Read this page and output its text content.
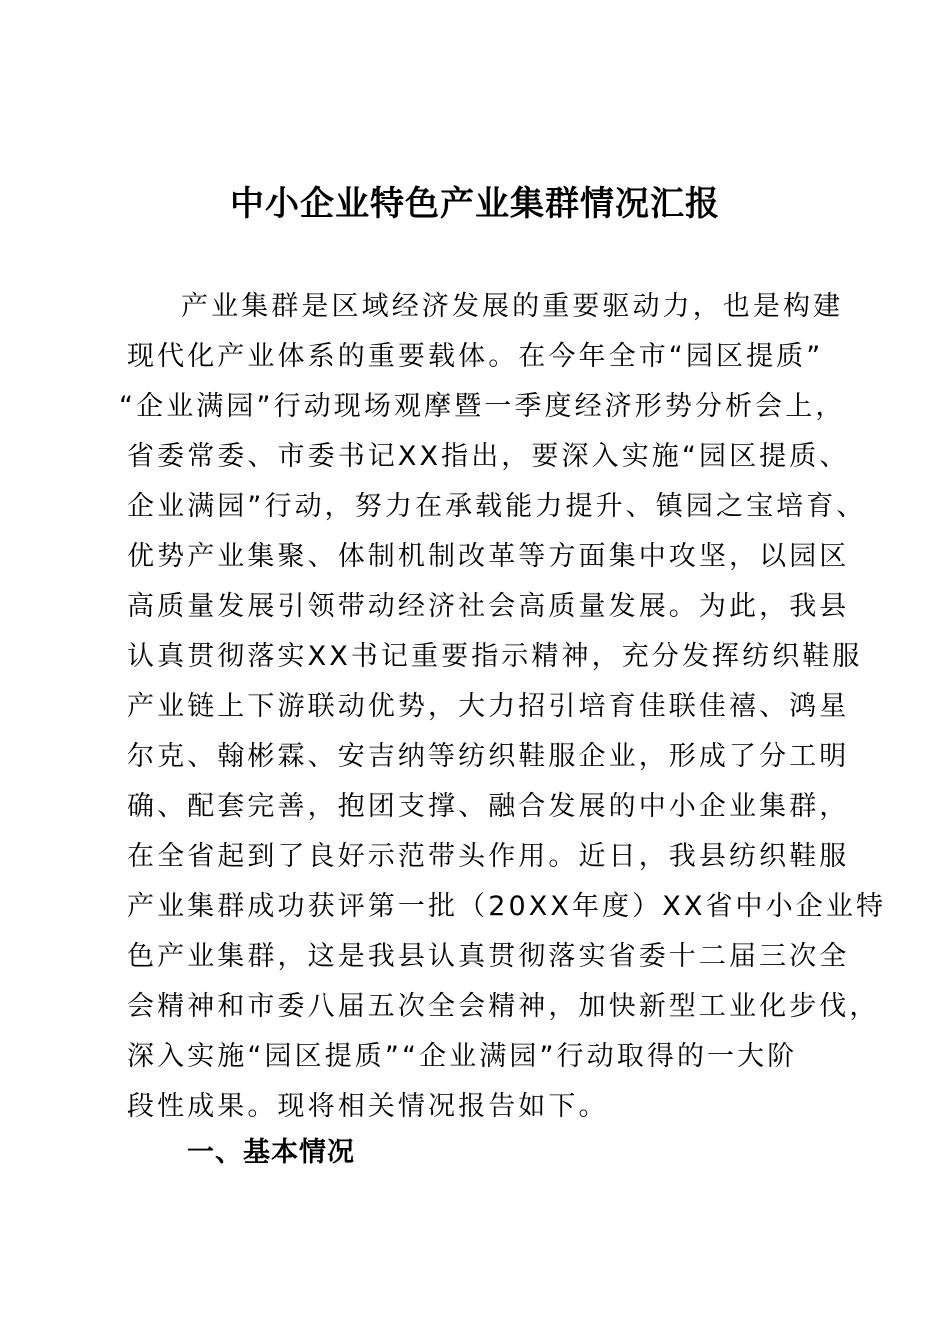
中小企业特色产业集群情况汇报
产业集群是区域经济发展的重要驱动力，也是构建
现代化产业体系的重要载体。在今年全市“园区提质”
“企业满园”行动现场观摩暨一季度经济形势分析会上，
省委常委、市委书记XX指出，要深入实施“园区提质、
企业满园”行动，努力在承载能力提升、镇园之宝培育、
优势产业集聚、体制机制改革等方面集中攻坚，以园区
高质量发展引领带动经济社会高质量发展。为此，我县
认真贯彻落实XX书记重要指示精神，充分发挥纺织鞋服
产业链上下游联动优势，大力招引培育佳联佳禧、鸿星
尔克、翰彬霖、安吉纳等纺织鞋服企业，形成了分工明
确、配套完善，抱团支撑、融合发展的中小企业集群，
在全省起到了良好示范带头作用。近日，我县纺织鞋服
产业集群成功获评第一批（20XX年度）XX省中小企业特
色产业集群，这是我县认真贯彻落实省委十二届三次全
会精神和市委八届五次全会精神，加快新型工业化步伐，
深入实施“园区提质”“企业满园”行动取得的一大阶
段性成果。现将相关情况报告如下。
一、基本情况
